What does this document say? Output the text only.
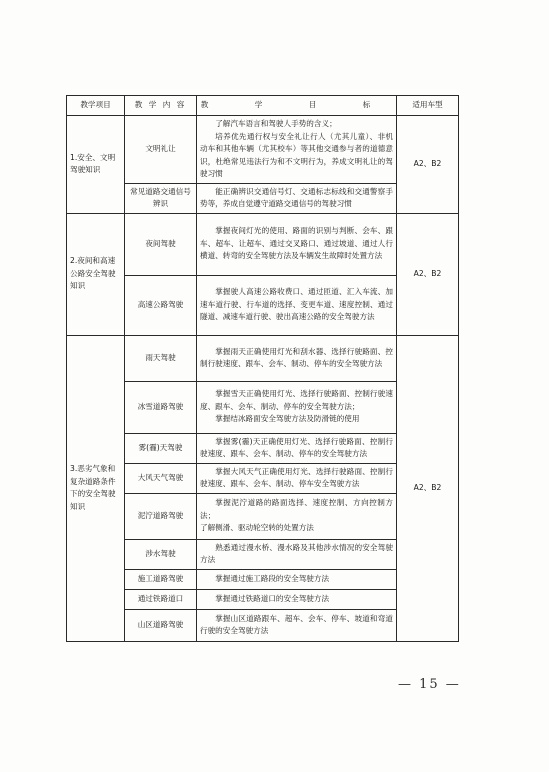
教学项目	教 学 内 容	教 学 目 标	适用车型
1.安全、文明驾驶知识	文明礼让	了解汽车语言和驾驶人手势的含义；

培养优先通行权与安全礼让行人（尤其儿童）、非机动车和其他车辆（尤其校车）等其他交通参与者的道德意识，杜绝常见违法行为和不文明行为，养成文明礼让的驾驶习惯	A2、B2
	常见道路交通信号辨识	能正确辨识交通信号灯、交通标志标线和交通警察手势等，养成自觉遵守道路交通信号的驾驶习惯	

2.夜间和高速公路安全驾驶知识	夜间驾驶	掌握夜间灯光的使用、路面的识别与判断、会车、跟车、超车、让超车、通过交叉路口、通过坡道、通过人行横道、转弯的安全驾驶方法及车辆发生故障时处置方法	A2、B2
	高速公路驾驶	掌握驶人高速公路收费口、通过匝道、汇入车流、加速车道行驶、行车道的选择、变更车道、速度控制、通过隧道、减速车道行驶、驶出高速公路的安全驾驶方法	

3.恶劣气象和复杂道路条件下的安全驾驶知识	雨天驾驶	掌握雨天正确使用灯光和刮水器、选择行驶路面、控制行驶速度、跟车、会车、制动、停车的安全驾驶方法	A2、B2
	冰雪道路驾驶	掌握雪天正确使用灯光、选择行驶路面、控制行驶速度、跟车、会车、制动、停车的安全驾驶方法；

掌握结冰路面安全驾驶方法及防滑链的使用	

	雾(霾)天驾驶	掌握雾(霾)天正确使用灯光、选择行驶路面、控制行驶速度、跟车、会车、制动、停车的安全驾驶方法	

	大风天气驾驶	掌握大风天气正确使用灯光、选择行驶路面、控制行驶速度、跟车、会车、制动、停车安全驾驶方法	

	泥泞道路驾驶	掌握泥泞道路的路面选择、速度控制、方向控制方法；

了解侧滑、驱动轮空转的处置方法	

	涉水驾驶	熟悉通过漫水桥、漫水路及其他涉水情况的安全驾驶方法	

	施工道路驾驶	掌握通过施工路段的安全驾驶方法	

	通过铁路道口	掌握通过铁路道口的安全驾驶方法	

	山区道路驾驶	掌握山区道路跟车、超车、会车、停车、坡道和弯道行驶的安全驾驶方法	

— 15 —
